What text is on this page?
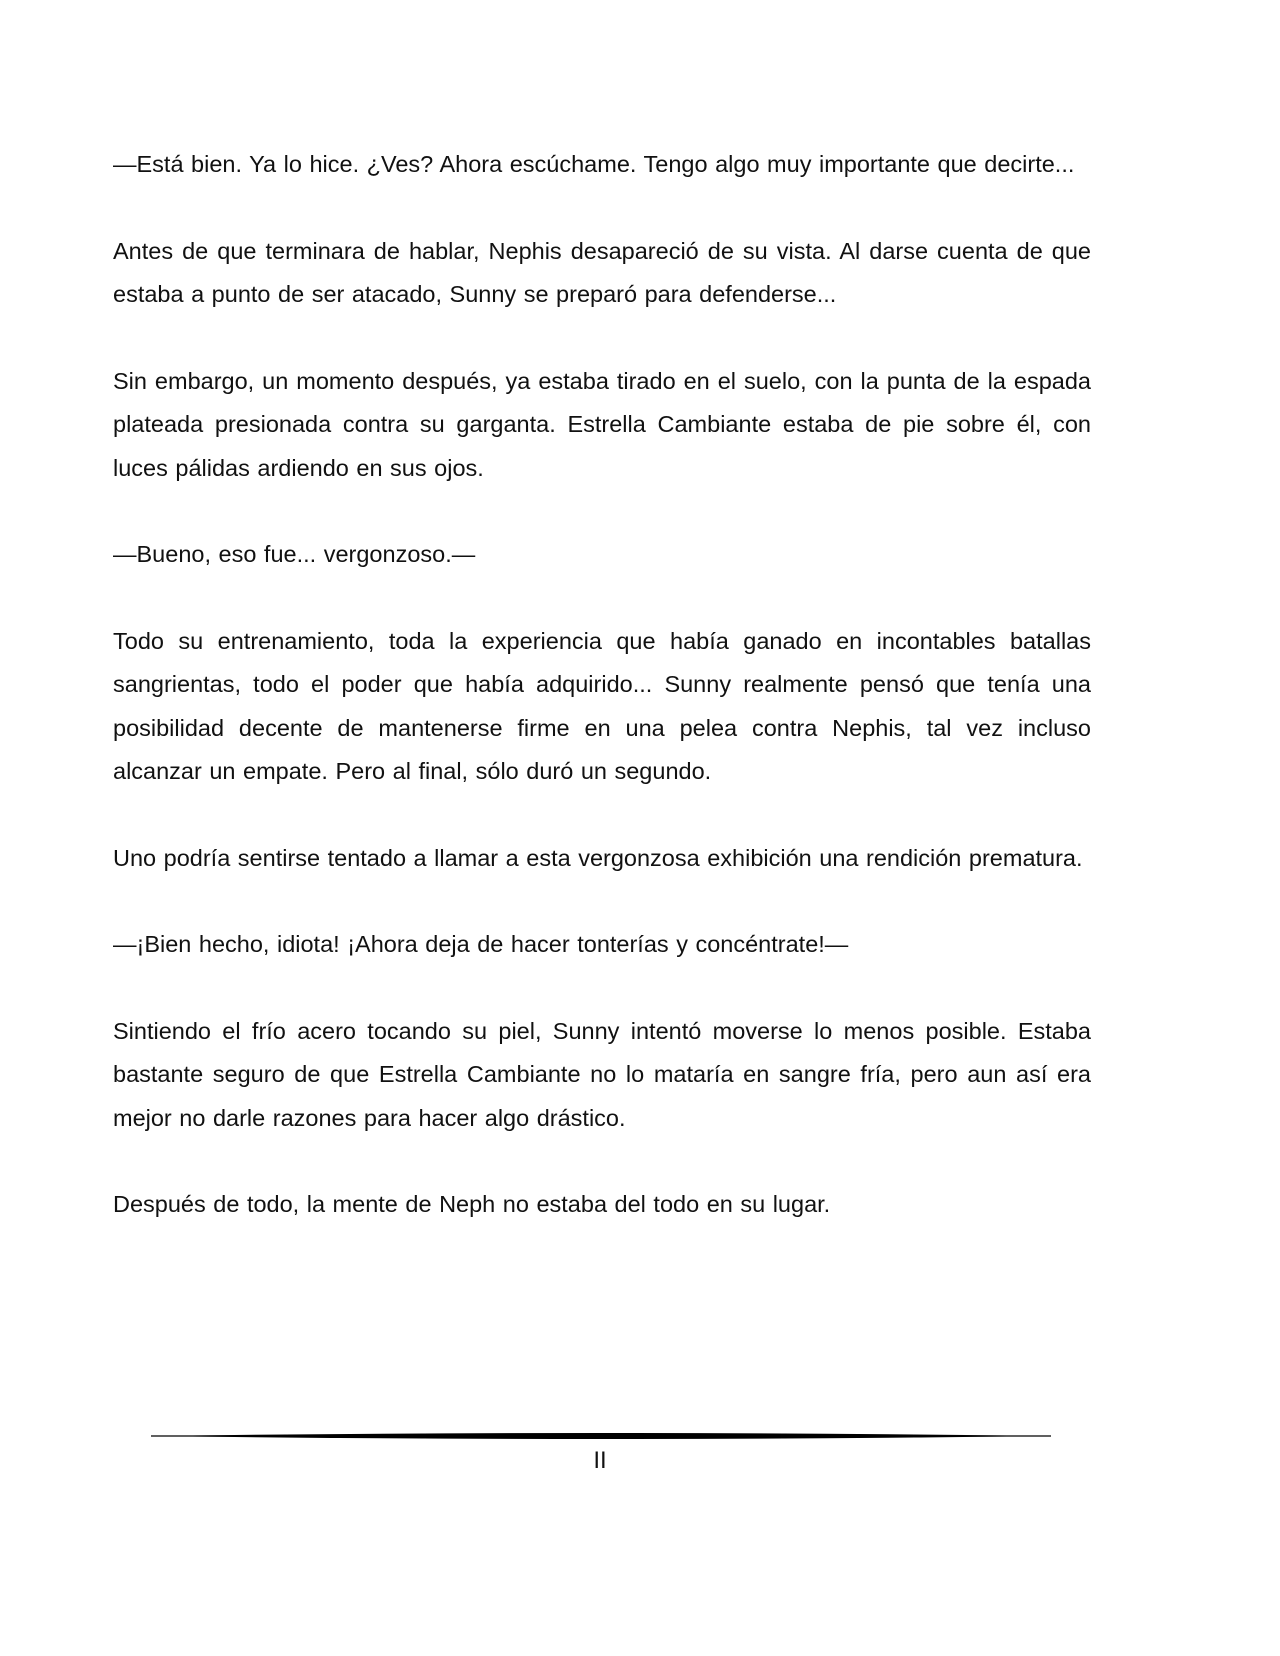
—Está bien. Ya lo hice. ¿Ves? Ahora escúchame. Tengo algo muy importante que decirte...

Antes de que terminara de hablar, Nephis desapareció de su vista. Al darse cuenta de que estaba a punto de ser atacado, Sunny se preparó para defenderse...

Sin embargo, un momento después, ya estaba tirado en el suelo, con la punta de la espada plateada presionada contra su garganta. Estrella Cambiante estaba de pie sobre él, con luces pálidas ardiendo en sus ojos.

—Bueno, eso fue... vergonzoso.—

Todo su entrenamiento, toda la experiencia que había ganado en incontables batallas sangrientas, todo el poder que había adquirido... Sunny realmente pensó que tenía una posibilidad decente de mantenerse firme en una pelea contra Nephis, tal vez incluso alcanzar un empate. Pero al final, sólo duró un segundo.

Uno podría sentirse tentado a llamar a esta vergonzosa exhibición una rendición prematura.

—¡Bien hecho, idiota! ¡Ahora deja de hacer tonterías y concéntrate!—

Sintiendo el frío acero tocando su piel, Sunny intentó moverse lo menos posible. Estaba bastante seguro de que Estrella Cambiante no lo mataría en sangre fría, pero aun así era mejor no darle razones para hacer algo drástico.

Después de todo, la mente de Neph no estaba del todo en su lugar.

II
